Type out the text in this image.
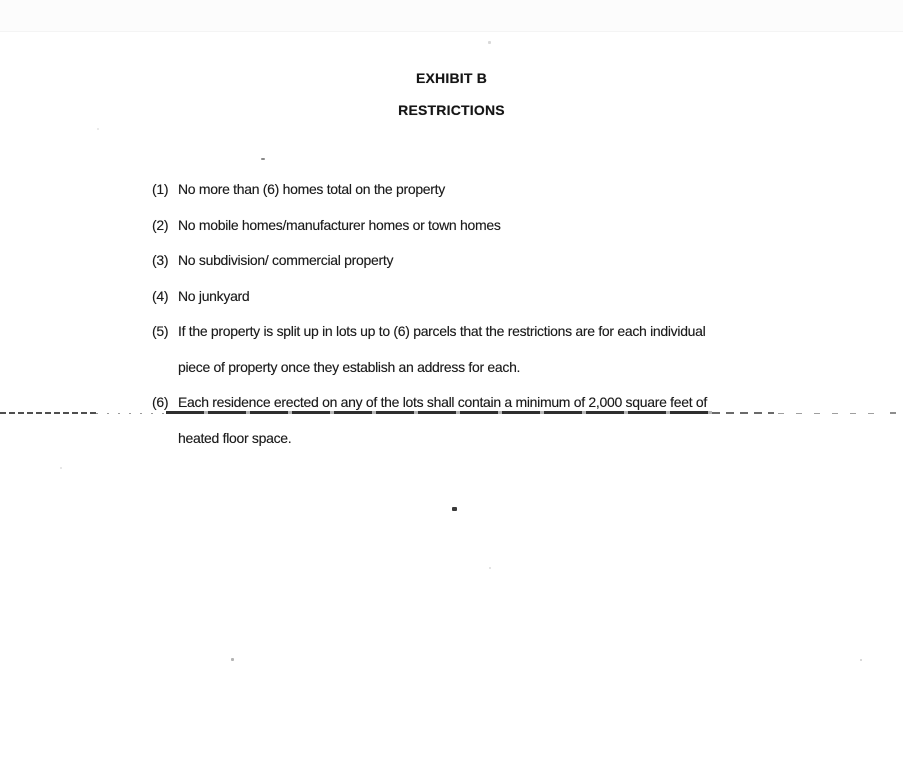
EXHIBIT B
RESTRICTIONS
(1) No more than (6) homes total on the property
(2) No mobile homes/manufacturer homes or town homes
(3) No subdivision/ commercial property
(4) No junkyard
(5) If the property is split up in lots up to (6) parcels that the restrictions are for each individual
piece of property once they establish an address for each.
(6) Each residence erected on any of the lots shall contain a minimum of 2,000 square feet of
heated floor space.
